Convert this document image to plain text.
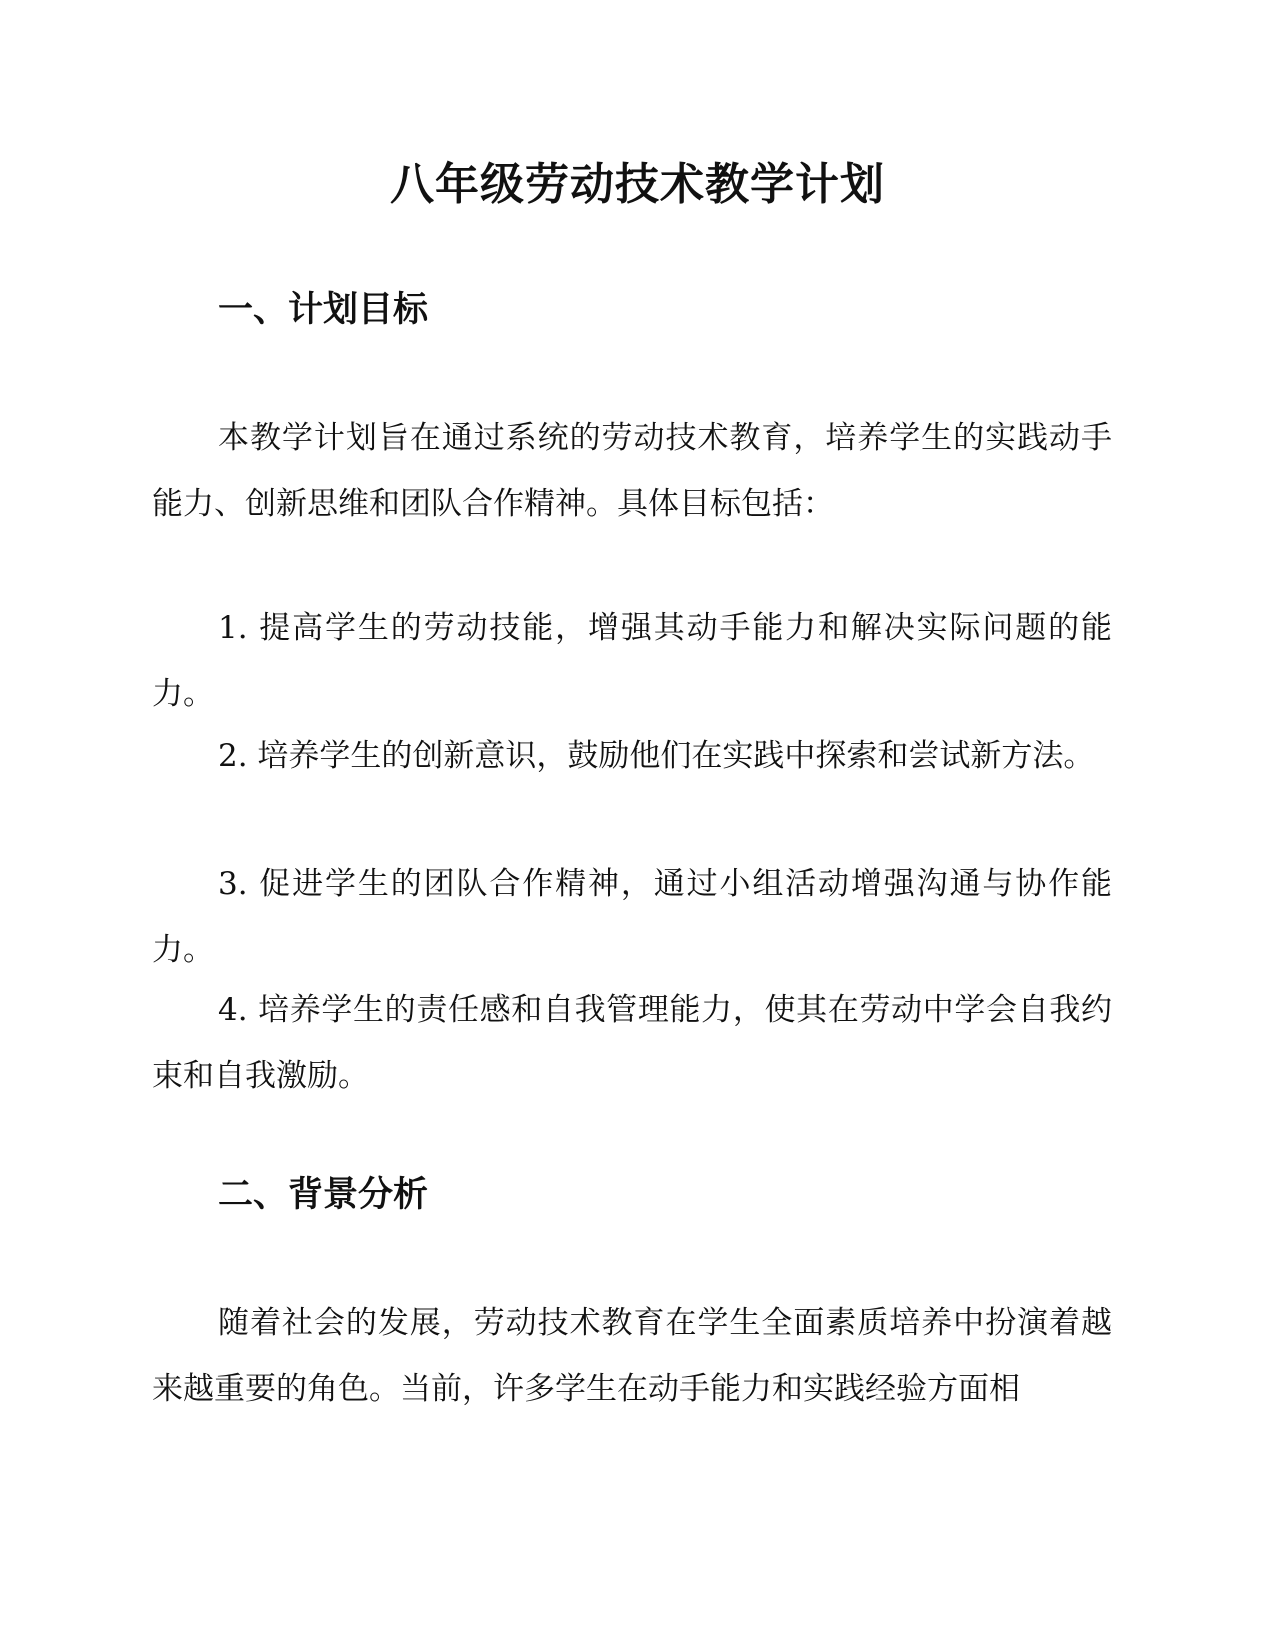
八年级劳动技术教学计划
一、计划目标

本教学计划旨在通过系统的劳动技术教育，培养学生的实践动手能力、创新思维和团队合作精神。具体目标包括：

1. 提高学生的劳动技能，增强其动手能力和解决实际问题的能力。

2. 培养学生的创新意识，鼓励他们在实践中探索和尝试新方法。

3. 促进学生的团队合作精神，通过小组活动增强沟通与协作能力。

4. 培养学生的责任感和自我管理能力，使其在劳动中学会自我约束和自我激励。

二、背景分析

随着社会的发展，劳动技术教育在学生全面素质培养中扮演着越来越重要的角色。当前，许多学生在动手能力和实践经验方面相
